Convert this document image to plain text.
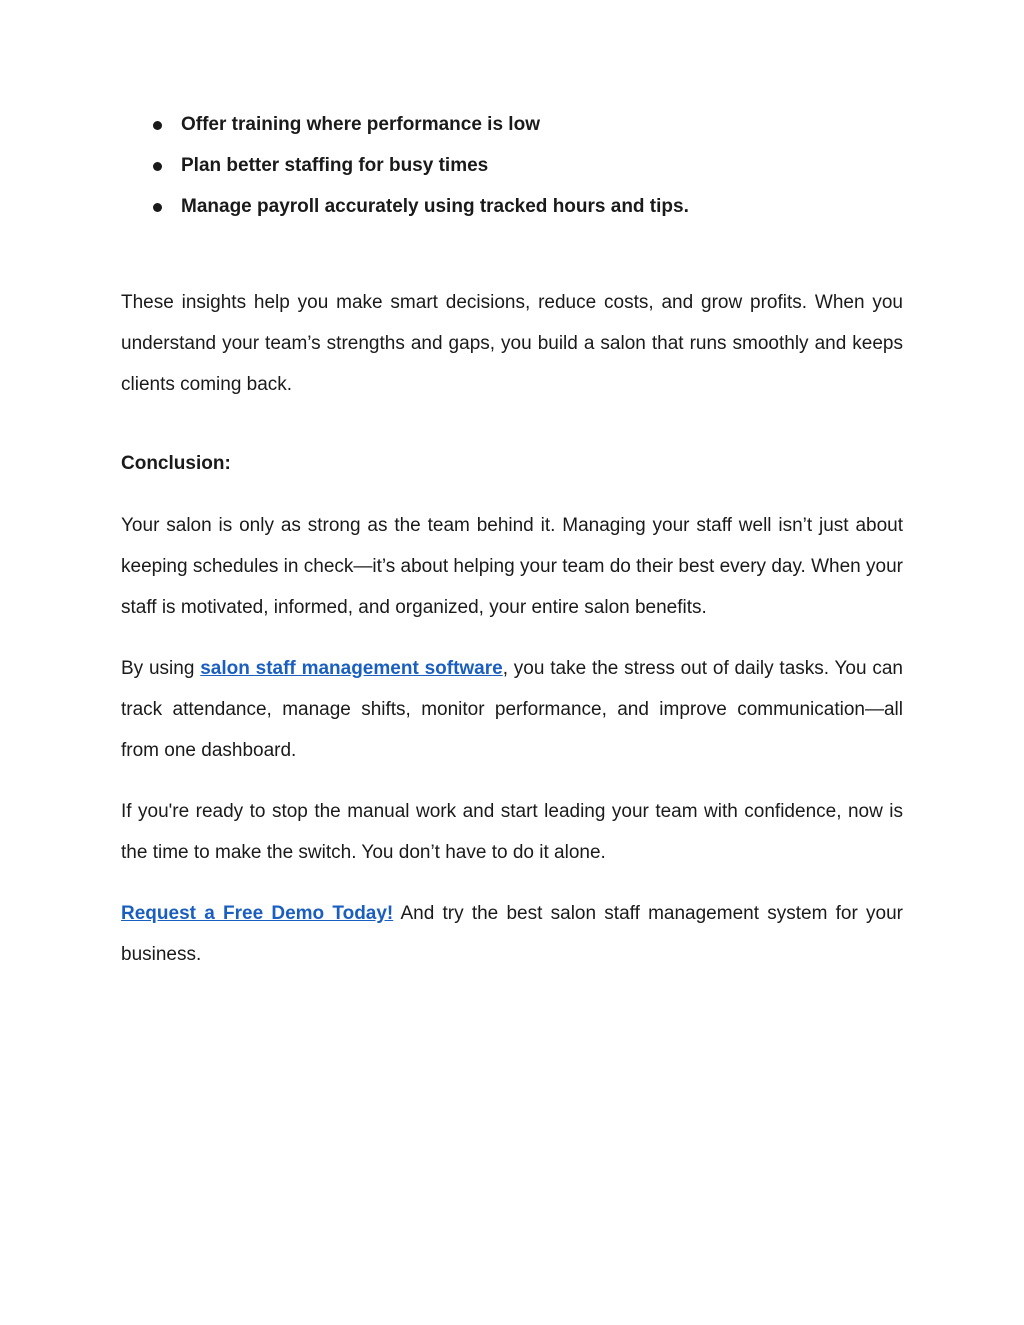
Offer training where performance is low
Plan better staffing for busy times
Manage payroll accurately using tracked hours and tips.

These insights help you make smart decisions, reduce costs, and grow profits. When you understand your team’s strengths and gaps, you build a salon that runs smoothly and keeps clients coming back.

Conclusion:

Your salon is only as strong as the team behind it. Managing your staff well isn’t just about keeping schedules in check—it’s about helping your team do their best every day. When your staff is motivated, informed, and organized, your entire salon benefits.

By using salon staff management software, you take the stress out of daily tasks. You can track attendance, manage shifts, monitor performance, and improve communication—all from one dashboard.

If you're ready to stop the manual work and start leading your team with confidence, now is the time to make the switch. You don’t have to do it alone.

Request a Free Demo Today! And try the best salon staff management system for your business.
